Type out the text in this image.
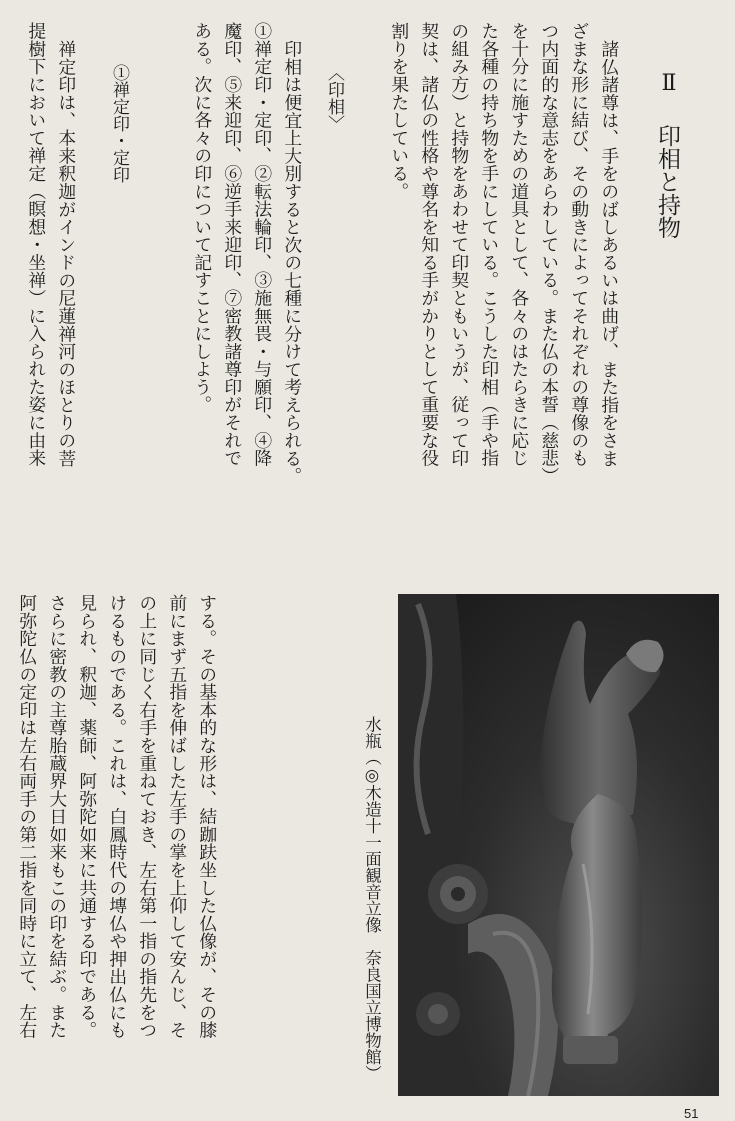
Ⅱ
印相と持物
諸仏諸尊は、手をのばしあるいは曲げ、また指をさま
ざまな形に結び、その動きによってそれぞれの尊像のも
つ内面的な意志をあらわしている。また仏の本誓（慈悲）
を十分に施すための道具として、各々のはたらきに応じ
た各種の持ち物を手にしている。こうした印相（手や指
の組み方）と持物をあわせて印契ともいうが、従って印
契は、諸仏の性格や尊名を知る手がかりとして重要な役
割りを果たしている。
〈印相〉
印相は便宜上大別すると次の七種に分けて考えられる。
①禅定印・定印、②転法輪印、③施無畏・与願印、④降
魔印、⑤来迎印、⑥逆手来迎印、⑦密教諸尊印がそれで
ある。次に各々の印について記すことにしよう。
①禅定印・定印
禅定印は、本来釈迦がインドの尼蓮禅河のほとりの菩
提樹下において禅定（瞑想・坐禅）に入られた姿に由来
水瓶（◎木造十一面観音立像　奈良国立博物館）
する。その基本的な形は、結跏趺坐した仏像が、その膝
前にまず五指を伸ばした左手の掌を上仰して安んじ、そ
の上に同じく右手を重ねておき、左右第一指の指先をつ
けるものである。これは、白鳳時代の塼仏や押出仏にも
見られ、釈迦、薬師、阿弥陀如来に共通する印である。
さらに密教の主尊胎蔵界大日如来もこの印を結ぶ。また
阿弥陀仏の定印は左右両手の第二指を同時に立て、左右
51
